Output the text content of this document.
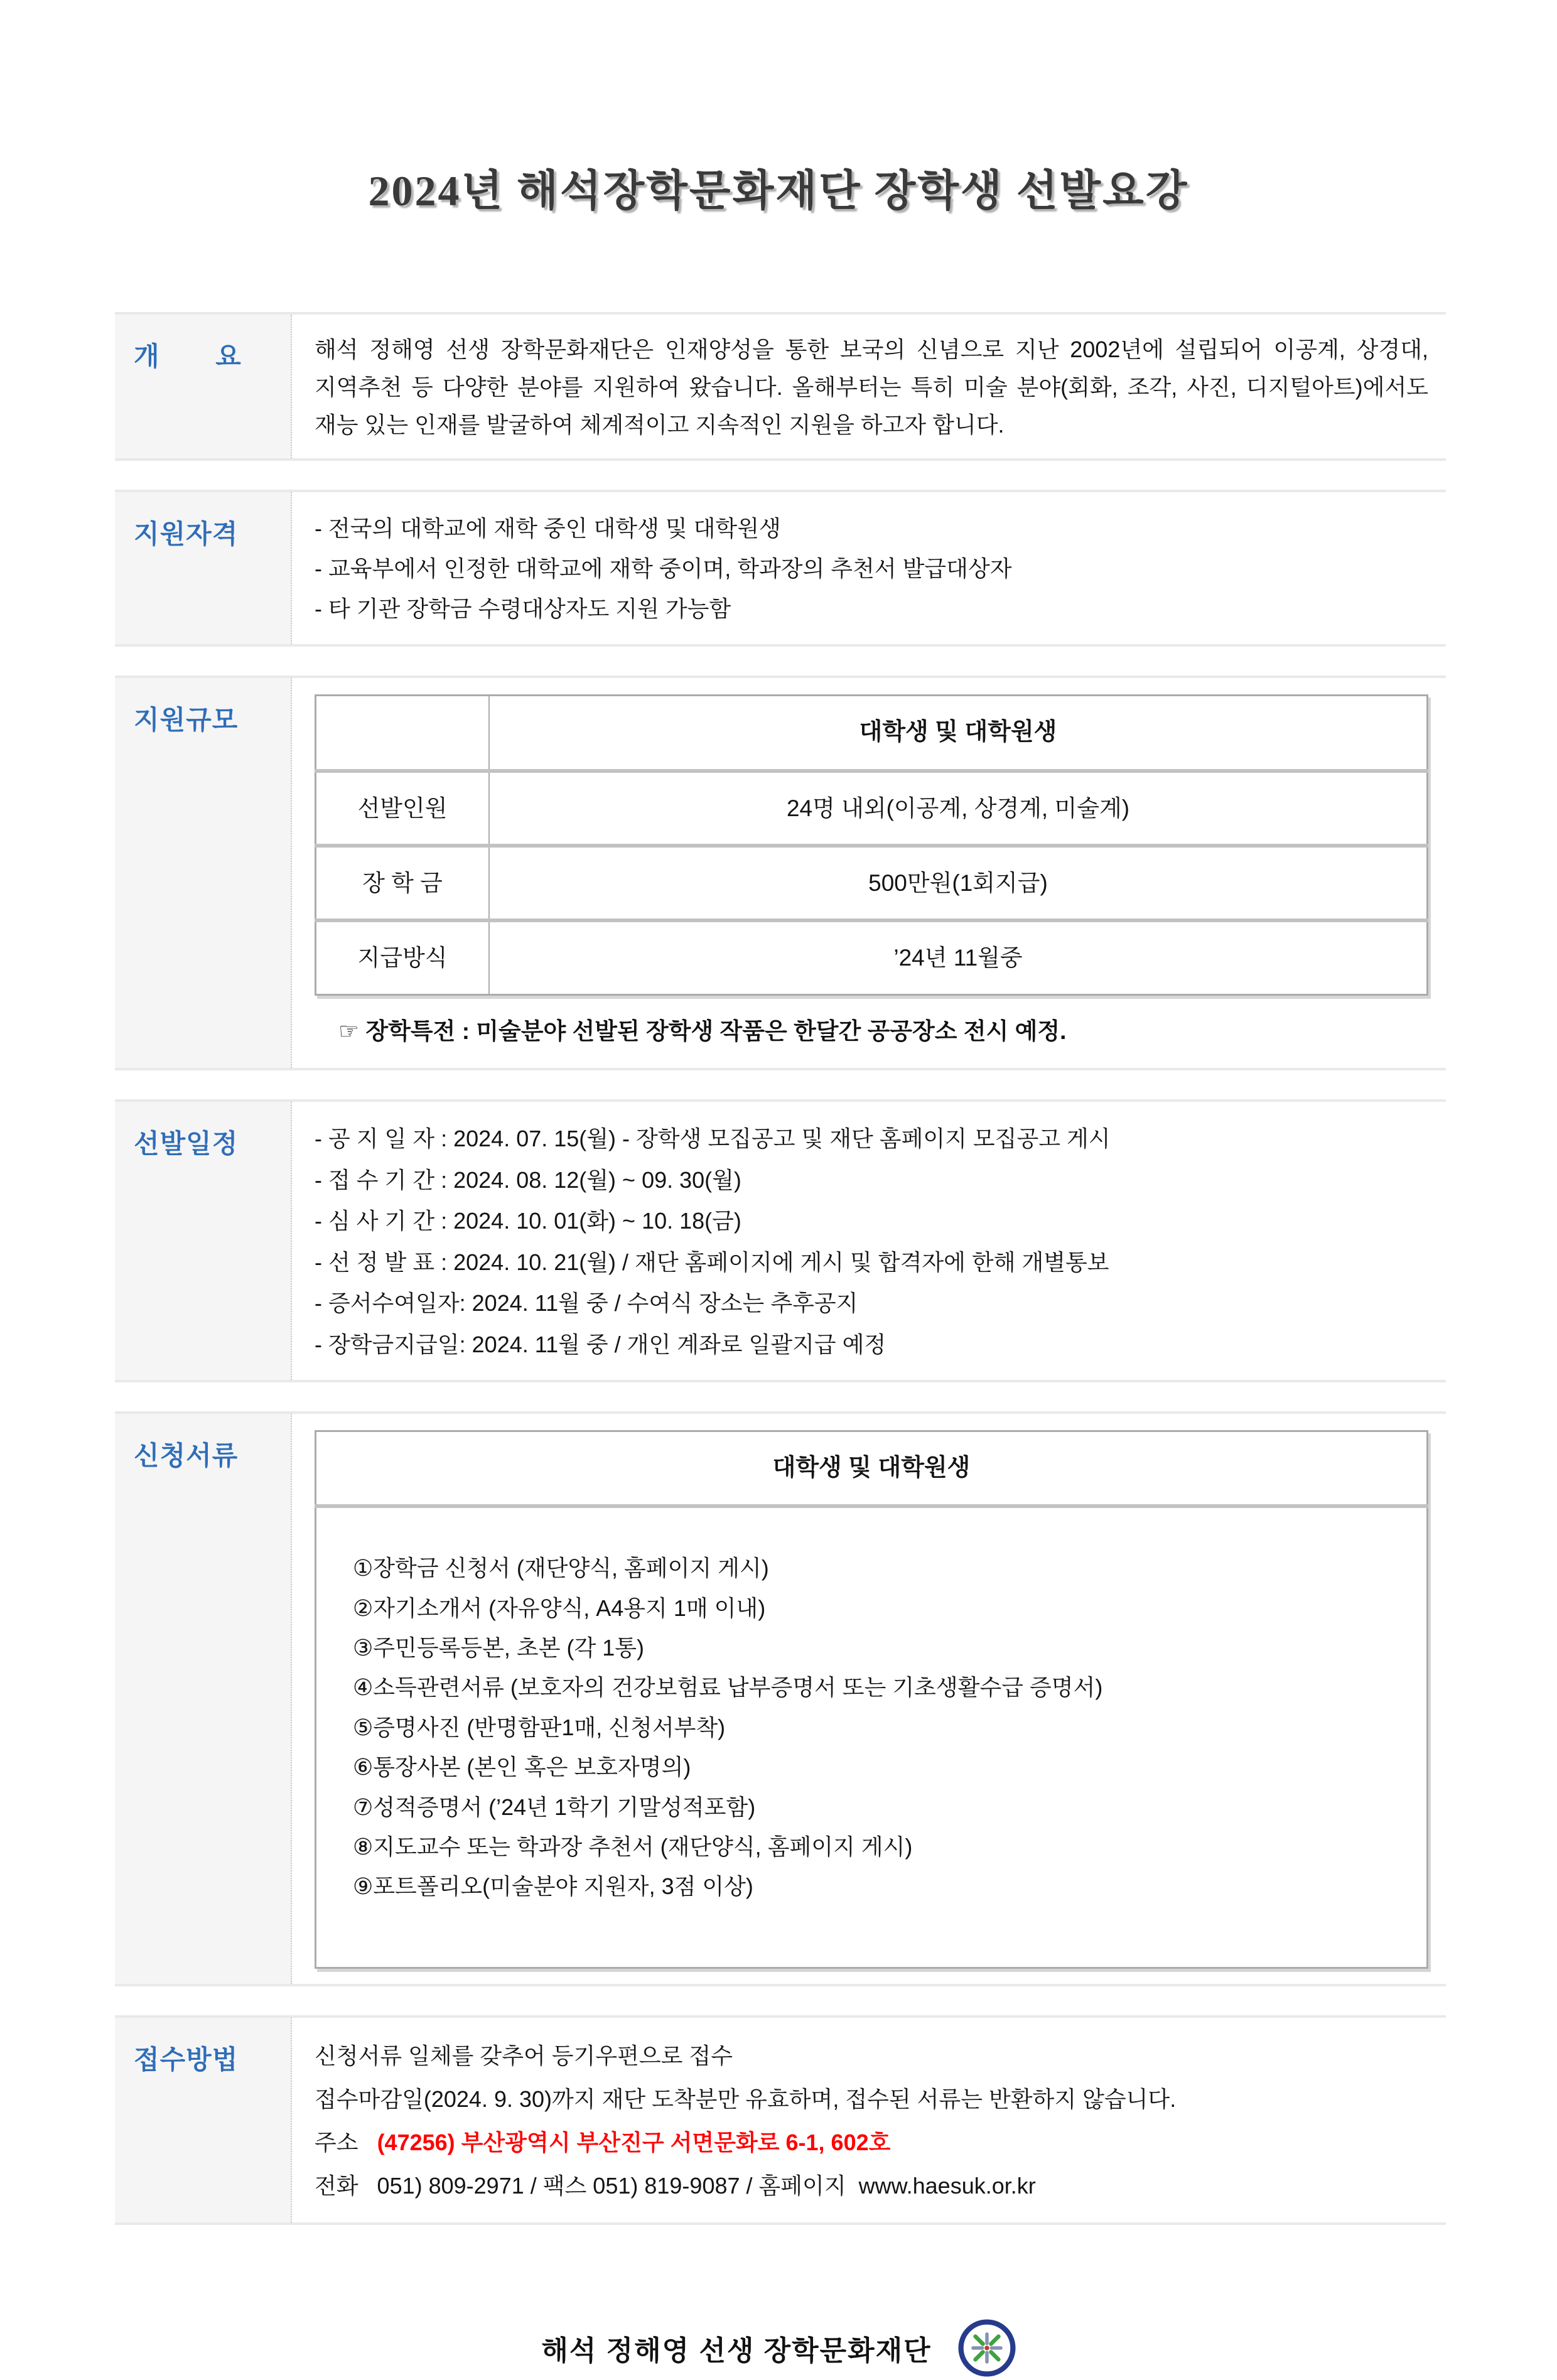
2024년 해석장학문화재단 장학생 선발요강
개       요	해석 정해영 선생 장학문화재단은 인재양성을 통한 보국의 신념으로 지난 2002년에 설립되어 이공계, 상경대, 지역추천 등 다양한 분야를 지원하여 왔습니다. 올해부터는 특히 미술 분야(회화, 조각, 사진, 디지털아트)에서도 재능 있는 인재를 발굴하여 체계적이고 지속적인 지원을 하고자 합니다.
지원자격	- 전국의 대학교에 재학 중인 대학생 및 대학원생
- 교육부에서 인정한 대학교에 재학 중이며, 학과장의 추천서 발급대상자
- 타 기관 장학금 수령대상자도 지원 가능함
지원규모
		대학생 및 대학원생
선발인원	24명 내외(이공계, 상경계, 미술계)
장 학 금	500만원(1회지급)
지급방식	’24년 11월중
☞ 장학특전 : 미술분야 선발된 장학생 작품은 한달간 공공장소 전시 예정.
선발일정	- 공 지 일 자 : 2024. 07. 15(월) - 장학생 모집공고 및 재단 홈페이지 모집공고 게시
- 접 수 기 간 : 2024. 08. 12(월) ~ 09. 30(월)
- 심 사 기 간 : 2024. 10. 01(화) ~ 10. 18(금)
- 선 정 발 표 : 2024. 10. 21(월) / 재단 홈페이지에 게시 및 합격자에 한해 개별통보
- 증서수여일자: 2024. 11월 중 / 수여식 장소는 추후공지
- 장학금지급일: 2024. 11월 중 / 개인 계좌로 일괄지급 예정
신청서류	대학생 및 대학원생

①장학금 신청서 (재단양식, 홈페이지 게시)
②자기소개서 (자유양식, A4용지 1매 이내)
③주민등록등본, 초본 (각 1통)
④소득관련서류 (보호자의 건강보험료 납부증명서 또는 기초생활수급 증명서)
⑤증명사진 (반명함판1매, 신청서부착)
⑥통장사본 (본인 혹은 보호자명의)
⑦성적증명서 (’24년 1학기 기말성적포함)
⑧지도교수 또는 학과장 추천서 (재단양식, 홈페이지 게시)
⑨포트폴리오(미술분야 지원자, 3점 이상)
접수방법	신청서류 일체를 갖추어 등기우편으로 접수
접수마감일(2024. 9. 30)까지 재단 도착분만 유효하며, 접수된 서류는 반환하지 않습니다.
주소   (47256) 부산광역시 부산진구 서면문화로 6-1, 602호
전화   051) 809-2971 / 팩스 051) 819-9087 / 홈페이지  www.haesuk.or.kr
해석 정해영 선생 장학문화재단
